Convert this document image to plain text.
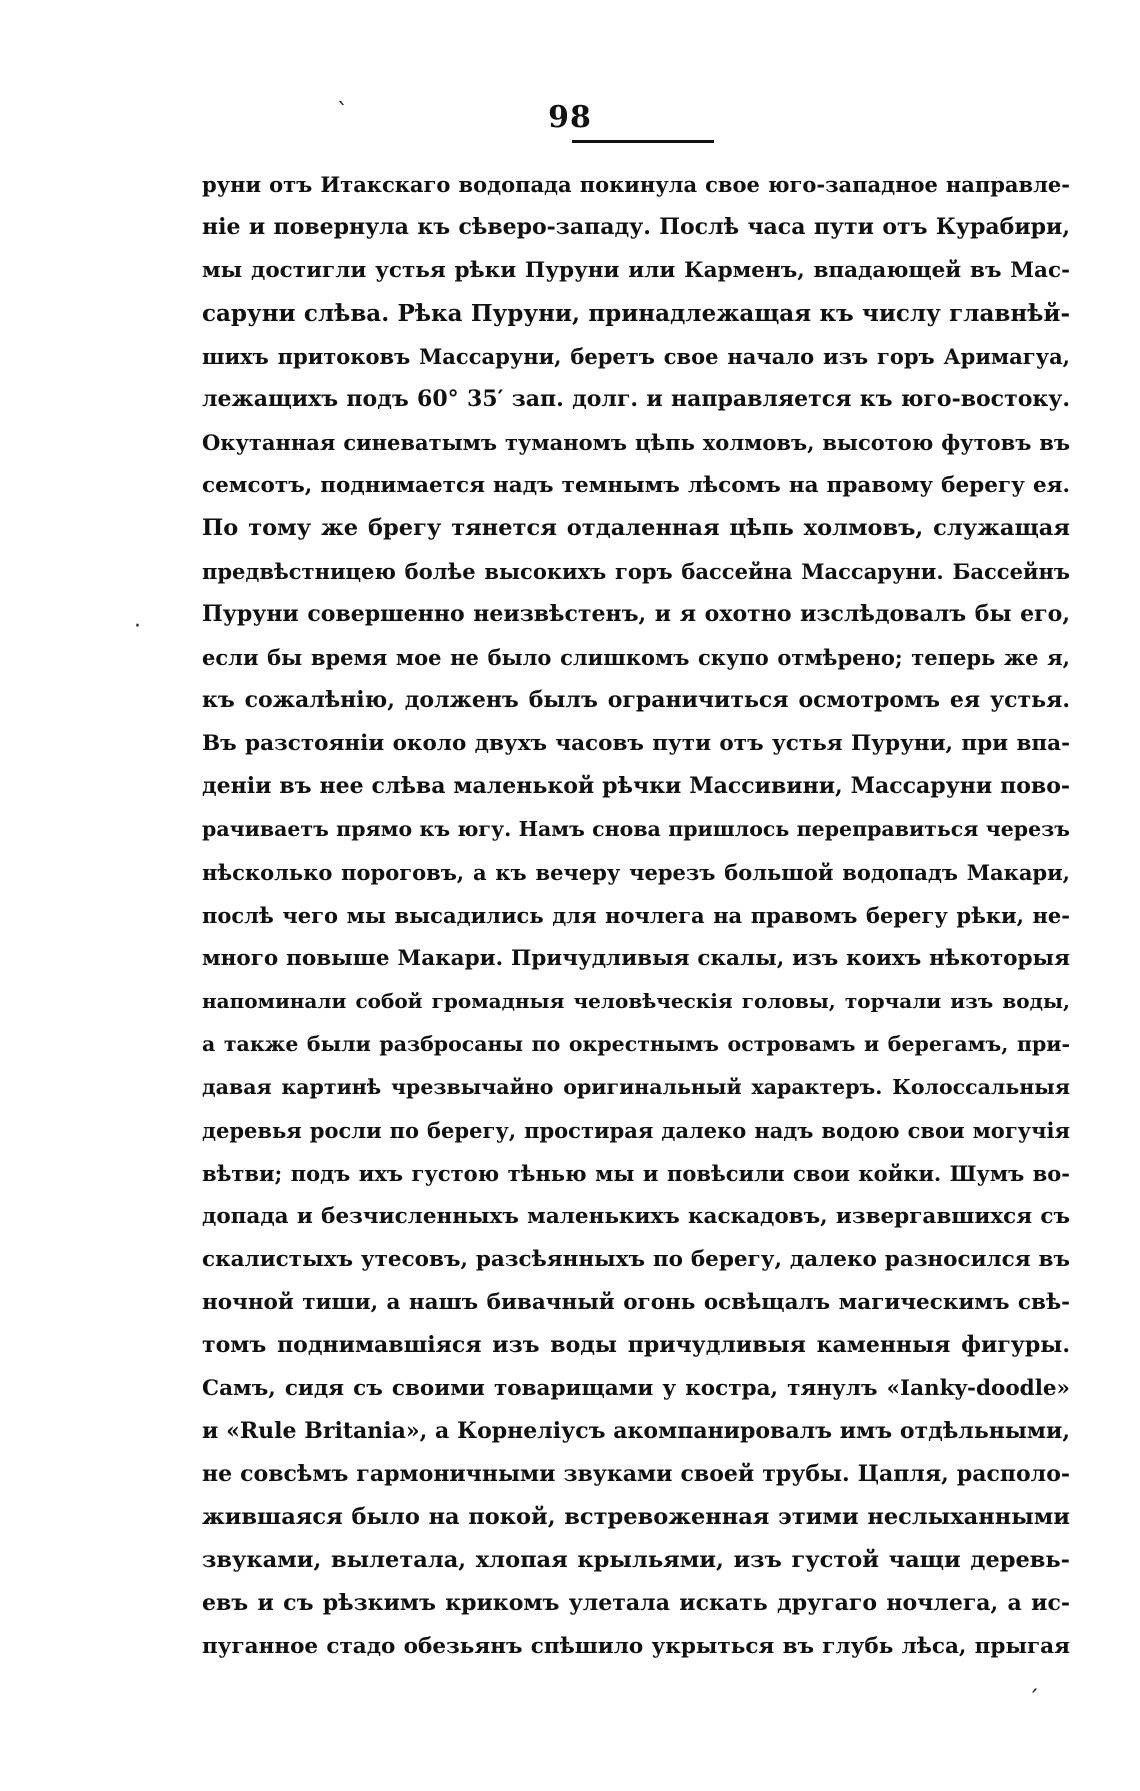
98
ˋ
·
ˏ
руни отъ Итакскаго водопада покинула свое юго-западное направле-
ніе и повернула къ сѣверо-западу. Послѣ часа пути отъ Курабири,
мы достигли устья рѣки Пуруни или Карменъ, впадающей въ Мас-
саруни слѣва. Рѣка Пуруни, принадлежащая къ числу главнѣй-
шихъ притоковъ Массаруни, беретъ свое начало изъ горъ Аримагуа,
лежащихъ подъ 60° 35′ зап. долг. и направляется къ юго-востоку.
Окутанная синеватымъ туманомъ цѣпь холмовъ, высотою футовъ въ
семсотъ, поднимается надъ темнымъ лѣсомъ на правому берегу ея.
По тому же брегу тянется отдаленная цѣпь холмовъ, служащая
предвѣстницею болѣе высокихъ горъ бассейна Массаруни. Бассейнъ
Пуруни совершенно неизвѣстенъ, и я охотно изслѣдовалъ бы его,
если бы время мое не было слишкомъ скупо отмѣрено; теперь же я,
къ сожалѣнію, долженъ былъ ограничиться осмотромъ ея устья.
Въ разстояніи около двухъ часовъ пути отъ устья Пуруни, при впа-
деніи въ нее слѣва маленькой рѣчки Массивини, Массаруни пово-
рачиваетъ прямо къ югу. Намъ снова пришлось переправиться черезъ
нѣсколько пороговъ, а къ вечеру черезъ большой водопадъ Макари,
послѣ чего мы высадились для ночлега на правомъ берегу рѣки, не-
много повыше Макари. Причудливыя скалы, изъ коихъ нѣкоторыя
напоминали собой громадныя человѣческія головы, торчали изъ воды,
а также были разбросаны по окрестнымъ островамъ и берегамъ, при-
давая картинѣ чрезвычайно оригинальный характеръ. Колоссальныя
деревья росли по берегу, простирая далеко надъ водою свои могучія
вѣтви; подъ ихъ густою тѣнью мы и повѣсили свои койки. Шумъ во-
допада и безчисленныхъ маленькихъ каскадовъ, извергавшихся съ
скалистыхъ утесовъ, разсѣянныхъ по берегу, далеко разносился въ
ночной тиши, а нашъ бивачный огонь освѣщалъ магическимъ свѣ-
томъ поднимавшіяся изъ воды причудливыя каменныя фигуры.
Самъ, сидя съ своими товарищами у костра, тянулъ «Іanky-doodle»
и «Rule Britania», а Корнеліусъ акомпанировалъ имъ отдѣльными,
не совсѣмъ гармоничными звуками своей трубы. Цапля, располо-
жившаяся было на покой, встревоженная этими неслыханными
звуками, вылетала, хлопая крыльями, изъ густой чащи деревь-
евъ и съ рѣзкимъ крикомъ улетала искать другаго ночлега, а ис-
пуганное стадо обезьянъ спѣшило укрыться въ глубь лѣса, прыгая
